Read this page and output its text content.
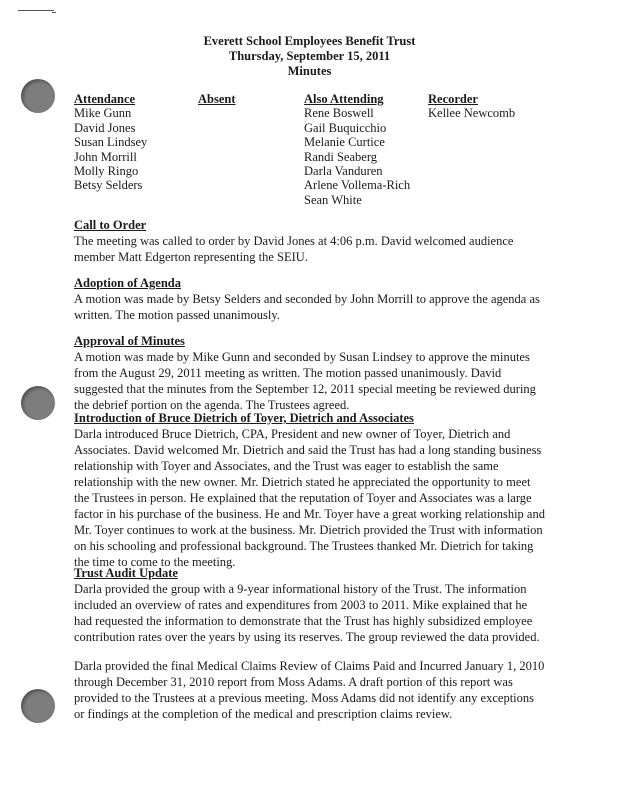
Everett School Employees Benefit Trust
Thursday, September 15, 2011
Minutes
Attendance
Mike Gunn
David Jones
Susan Lindsey
John Morrill
Molly Ringo
Betsy Selders
Absent	Also Attending
Rene Boswell
Gail Buquicchio
Melanie Curtice
Randi Seaberg
Darla Vanduren
Arlene Vollema-Rich
Sean White
Recorder
Kellee Newcomb
Call to Order
The meeting was called to order by David Jones at 4:06 p.m. David welcomed audience member Matt Edgerton representing the SEIU.
Adoption of Agenda
A motion was made by Betsy Selders and seconded by John Morrill to approve the agenda as written. The motion passed unanimously.
Approval of Minutes
A motion was made by Mike Gunn and seconded by Susan Lindsey to approve the minutes from the August 29, 2011 meeting as written. The motion passed unanimously. David suggested that the minutes from the September 12, 2011 special meeting be reviewed during the debrief portion on the agenda. The Trustees agreed.
Introduction of Bruce Dietrich of Toyer, Dietrich and Associates
Darla introduced Bruce Dietrich, CPA, President and new owner of Toyer, Dietrich and Associates. David welcomed Mr. Dietrich and said the Trust has had a long standing business relationship with Toyer and Associates, and the Trust was eager to establish the same relationship with the new owner. Mr. Dietrich stated he appreciated the opportunity to meet the Trustees in person. He explained that the reputation of Toyer and Associates was a large factor in his purchase of the business. He and Mr. Toyer have a great working relationship and Mr. Toyer continues to work at the business. Mr. Dietrich provided the Trust with information on his schooling and professional background. The Trustees thanked Mr. Dietrich for taking the time to come to the meeting.
Trust Audit Update
Darla provided the group with a 9-year informational history of the Trust. The information included an overview of rates and expenditures from 2003 to 2011. Mike explained that he had requested the information to demonstrate that the Trust has highly subsidized employee contribution rates over the years by using its reserves. The group reviewed the data provided.
Darla provided the final Medical Claims Review of Claims Paid and Incurred January 1, 2010 through December 31, 2010 report from Moss Adams. A draft portion of this report was provided to the Trustees at a previous meeting. Moss Adams did not identify any exceptions or findings at the completion of the medical and prescription claims review.
